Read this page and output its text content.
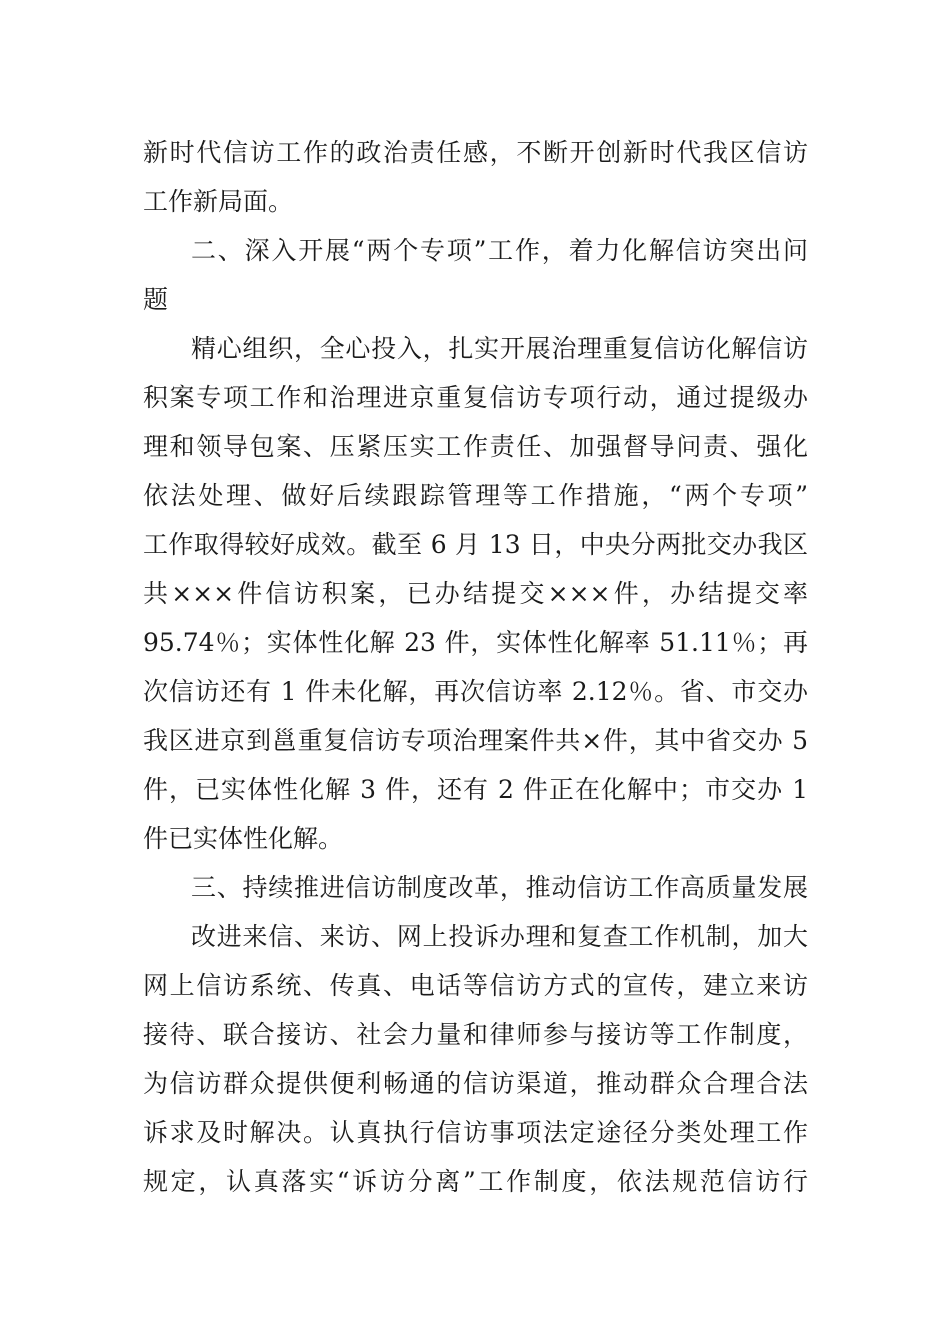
新时代信访工作的政治责任感，不断开创新时代我区信访
工作新局面。
二、深入开展“两个专项”工作，着力化解信访突出问
题
精心组织，全心投入，扎实开展治理重复信访化解信访
积案专项工作和治理进京重复信访专项行动，通过提级办
理和领导包案、压紧压实工作责任、加强督导问责、强化
依法处理、做好后续跟踪管理等工作措施，“两个专项”
工作取得较好成效。截至 6 月 13 日，中央分两批交办我区
共×××件信访积案，已办结提交×××件，办结提交率
95.74％；实体性化解 23 件，实体性化解率 51.11％；再
次信访还有 1 件未化解，再次信访率 2.12％。省、市交办
我区进京到邕重复信访专项治理案件共×件，其中省交办 5
件，已实体性化解 3 件，还有 2 件正在化解中；市交办 1
件已实体性化解。
三、持续推进信访制度改革，推动信访工作高质量发展
改进来信、来访、网上投诉办理和复查工作机制，加大
网上信访系统、传真、电话等信访方式的宣传，建立来访
接待、联合接访、社会力量和律师参与接访等工作制度，
为信访群众提供便利畅通的信访渠道，推动群众合理合法
诉求及时解决。认真执行信访事项法定途径分类处理工作
规定，认真落实“诉访分离”工作制度，依法规范信访行
